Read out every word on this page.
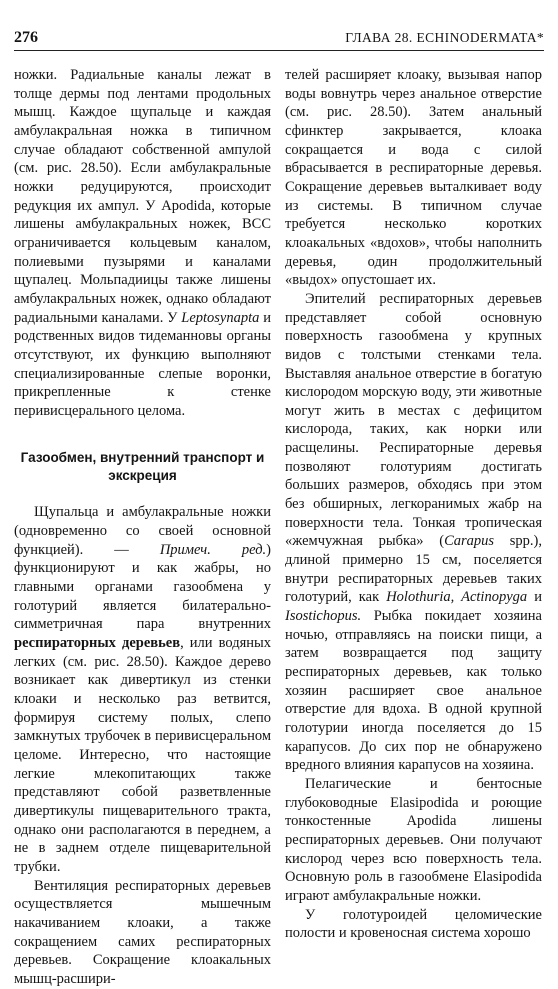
276	ГЛАВА 28. ECHINODERMATA*

ножки. Радиальные каналы лежат в толще дермы под лентами продольных мышц. Каждое щупальце и каждая амбулакральная ножка в типичном случае обладают собственной ампулой (см. рис. 28.50). Если амбулакральные ножки редуцируются, происходит редукция их ампул. У Apodida, которые лишены амбулакральных ножек, ВСС ограничивается кольцевым каналом, полиевыми пузырями и каналами щупалец. Мольпадиицы также лишены амбулакральных ножек, однако обладают радиальными каналами. У Leptosynapta и родственных видов тидеманновы органы отсутствуют, их функцию выполняют специализированные слепые воронки, прикрепленные к стенке перивисцерального целома.

Газообмен, внутренний транспорт и экскреция

Щупальца и амбулакральные ножки (одновременно со своей основной функцией). — Примеч. ред.) функционируют и как жабры, но главными органами газообмена у голотурий является билатерально-симметричная пара внутренних респираторных деревьев, или водяных легких (см. рис. 28.50). Каждое дерево возникает как дивертикул из стенки клоаки и несколько раз ветвится, формируя систему полых, слепо замкнутых трубочек в перивисцеральном целоме. Интересно, что настоящие легкие млекопитающих также представляют собой разветвленные дивертикулы пищеварительного тракта, однако они располагаются в переднем, а не в заднем отделе пищеварительной трубки.

Вентиляция респираторных деревьев осуществляется мышечным накачиванием клоаки, а также сокращением самих респираторных деревьев. Сокращение клоакальных мышц-расшири-

телей расширяет клоаку, вызывая напор воды вовнутрь через анальное отверстие (см. рис. 28.50). Затем анальный сфинктер закрывается, клоака сокращается и вода с силой вбрасывается в респираторные деревья. Сокращение деревьев выталкивает воду из системы. В типичном случае требуется несколько коротких клоакальных «вдохов», чтобы наполнить деревья, один продолжительный «выдох» опустошает их.

Эпителий респираторных деревьев представляет собой основную поверхность газообмена у крупных видов с толстыми стенками тела. Выставляя анальное отверстие в богатую кислородом морскую воду, эти животные могут жить в местах с дефицитом кислорода, таких, как норки или расщелины. Респираторные деревья позволяют голотуриям достигать больших размеров, обходясь при этом без обширных, легкоранимых жабр на поверхности тела. Тонкая тропическая «жемчужная рыбка» (Carapus spp.), длиной примерно 15 см, поселяется внутри респираторных деревьев таких голотурий, как Holothuria, Actinopyga и Isostichopus. Рыбка покидает хозяина ночью, отправляясь на поиски пищи, а затем возвращается под защиту респираторных деревьев, как только хозяин расширяет свое анальное отверстие для вдоха. В одной крупной голотурии иногда поселяется до 15 карапусов. До сих пор не обнаружено вредного влияния карапусов на хозяина.

Пелагические и бентосные глубоководные Elasipodida и роющие тонкостенные Apodida лишены респираторных деревьев. Они получают кислород через всю поверхность тела. Основную роль в газообмене Elasipodida играют амбулакральные ножки.

У голотуроидей целомические полости и кровеносная система хорошо
